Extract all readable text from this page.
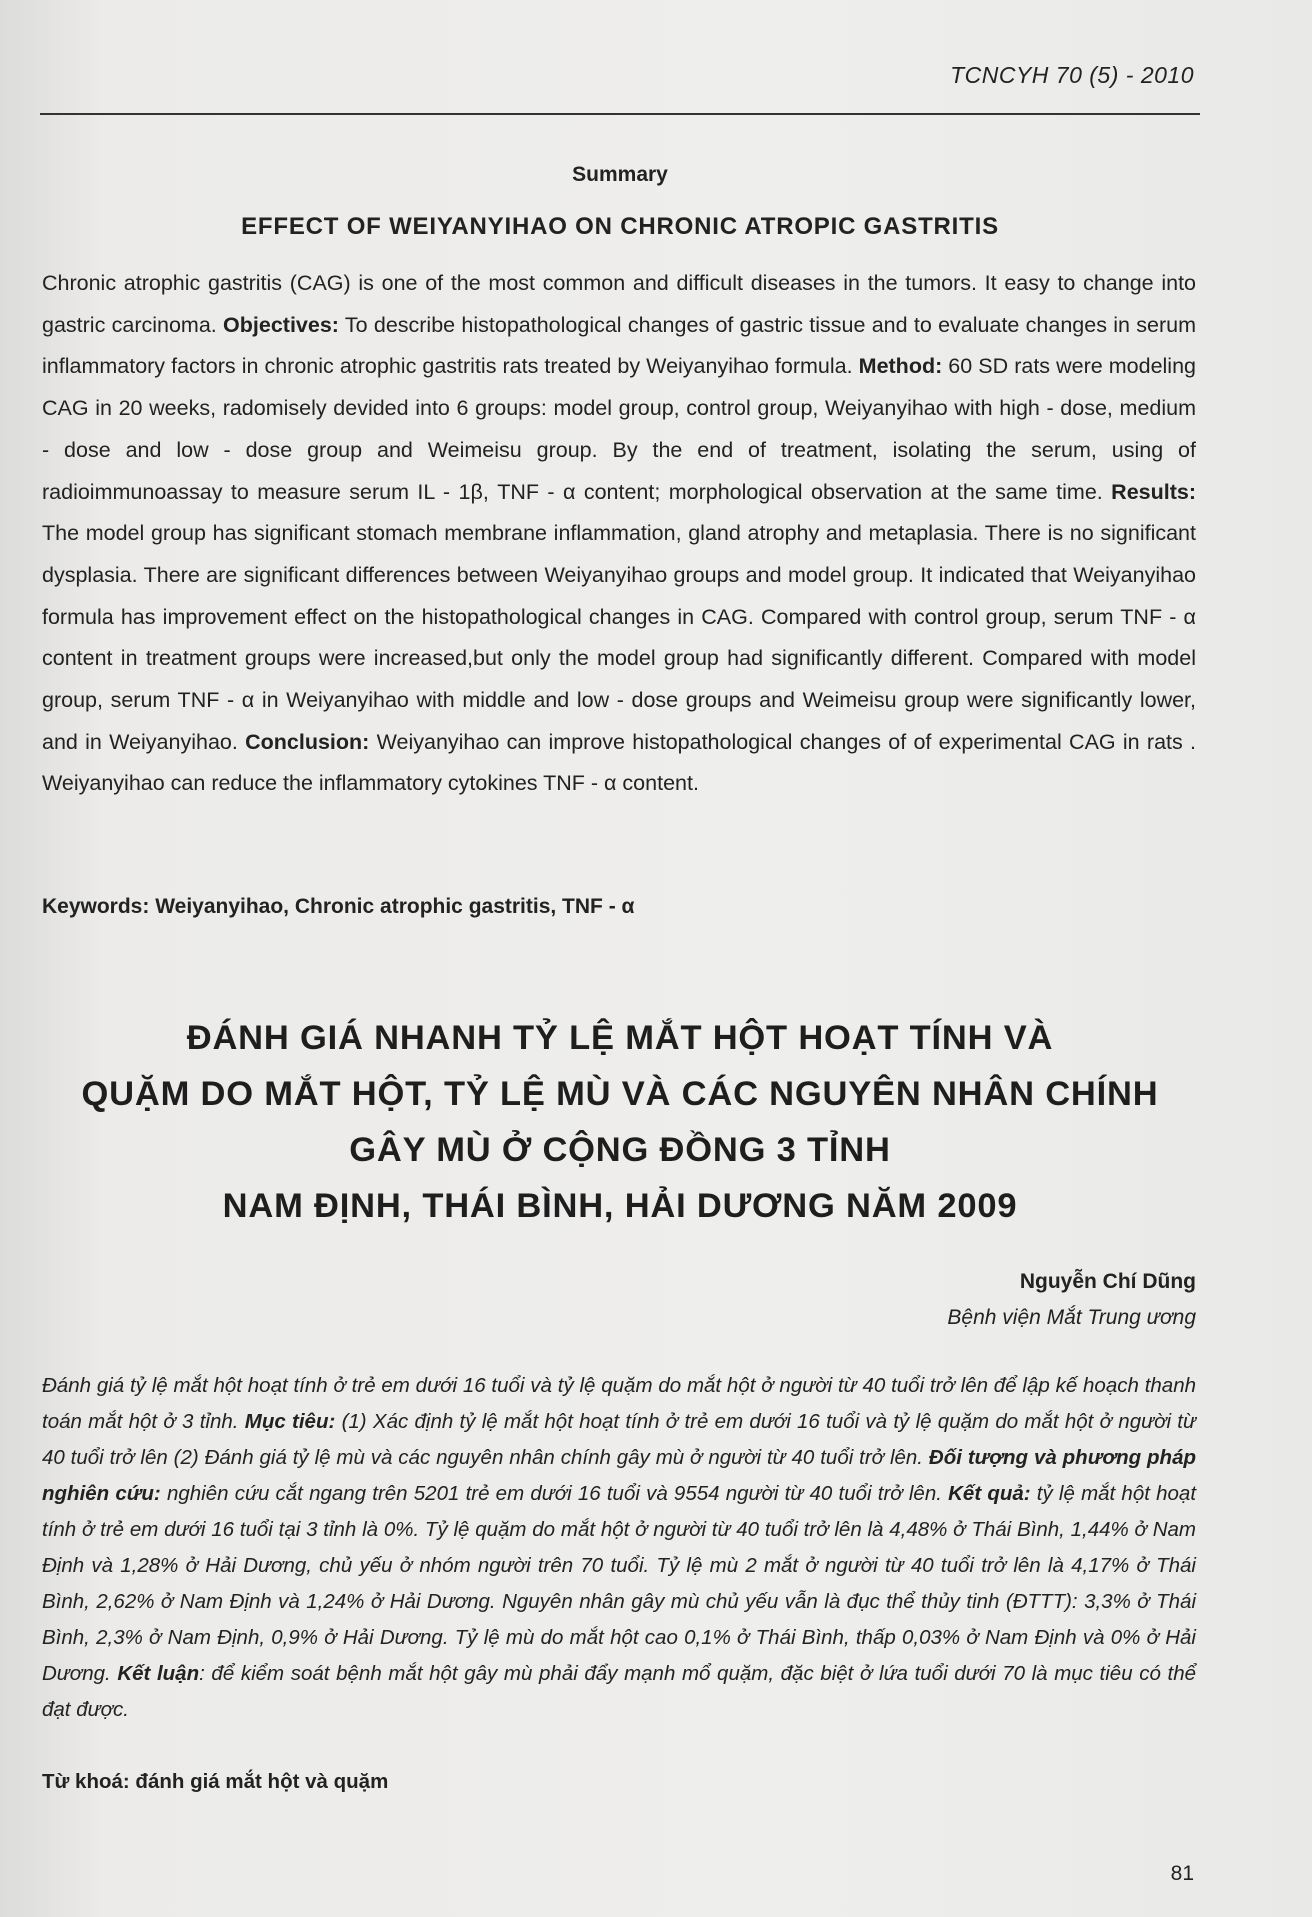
TCNCYH 70 (5) - 2010
Summary
EFFECT OF WEIYANYIHAO ON CHRONIC ATROPIC GASTRITIS
Chronic atrophic gastritis (CAG) is one of the most common and difficult diseases in the tumors. It easy to change into gastric carcinoma. Objectives: To describe histopathological changes of gastric tissue and to evaluate changes in serum inflammatory factors in chronic atrophic gastritis rats treated by Weiyanyihao formula. Method: 60 SD rats were modeling CAG in 20 weeks, radomisely devided into 6 groups: model group, control group, Weiyanyihao with high - dose, medium - dose and low - dose group and Weimeisu group. By the end of treatment, isolating the serum, using of radioimmunoassay to measure serum IL - 1β, TNF - α content; morphological observation at the same time. Results: The model group has significant stomach membrane inflammation, gland atrophy and metaplasia. There is no significant dysplasia. There are significant differences between Weiyanyihao groups and model group. It indicated that Weiyanyihao formula has improvement effect on the histopathological changes in CAG. Compared with control group, serum TNF - α content in treatment groups were increased,but only the model group had significantly different. Compared with model group, serum TNF - α in Weiyanyihao with middle and low - dose groups and Weimeisu group were significantly lower, and in Weiyanyihao. Conclusion: Weiyanyihao can improve histopathological changes of of experimental CAG in rats . Weiyanyihao can reduce the inflammatory cytokines TNF - α content.
Keywords: Weiyanyihao, Chronic atrophic gastritis, TNF - α
ĐÁNH GIÁ NHANH TỶ LỆ MẮT HỘT HOẠT TÍNH VÀ
QUẶM DO MẮT HỘT, TỶ LỆ MÙ VÀ CÁC NGUYÊN NHÂN CHÍNH
GÂY MÙ Ở CỘNG ĐỒNG 3 TỈNH
NAM ĐỊNH, THÁI BÌNH, HẢI DƯƠNG NĂM 2009
Nguyễn Chí Dũng
Bệnh viện Mắt Trung ương
Đánh giá tỷ lệ mắt hột hoạt tính ở trẻ em dưới 16 tuổi và tỷ lệ quặm do mắt hột ở người từ 40 tuổi trở lên để lập kế hoạch thanh toán mắt hột ở 3 tỉnh. Mục tiêu: (1) Xác định tỷ lệ mắt hột hoạt tính ở trẻ em dưới 16 tuổi và tỷ lệ quặm do mắt hột ở người từ 40 tuổi trở lên (2) Đánh giá tỷ lệ mù và các nguyên nhân chính gây mù ở người từ 40 tuổi trở lên. Đối tượng và phương pháp nghiên cứu: nghiên cứu cắt ngang trên 5201 trẻ em dưới 16 tuổi và 9554 người từ 40 tuổi trở lên. Kết quả: tỷ lệ mắt hột hoạt tính ở trẻ em dưới 16 tuổi tại 3 tỉnh là 0%. Tỷ lệ quặm do mắt hột ở người từ 40 tuổi trở lên là 4,48% ở Thái Bình, 1,44% ở Nam Định và 1,28% ở Hải Dương, chủ yếu ở nhóm người trên 70 tuổi. Tỷ lệ mù 2 mắt ở người từ 40 tuổi trở lên là 4,17% ở Thái Bình, 2,62% ở Nam Định và 1,24% ở Hải Dương. Nguyên nhân gây mù chủ yếu vẫn là đục thể thủy tinh (ĐTTT): 3,3% ở Thái Bình, 2,3% ở Nam Định, 0,9% ở Hải Dương. Tỷ lệ mù do mắt hột cao 0,1% ở Thái Bình, thấp 0,03% ở Nam Định và 0% ở Hải Dương. Kết luận: để kiểm soát bệnh mắt hột gây mù phải đẩy mạnh mổ quặm, đặc biệt ở lứa tuổi dưới 70 là mục tiêu có thể đạt được.
Từ khoá: đánh giá mắt hột và quặm
81
